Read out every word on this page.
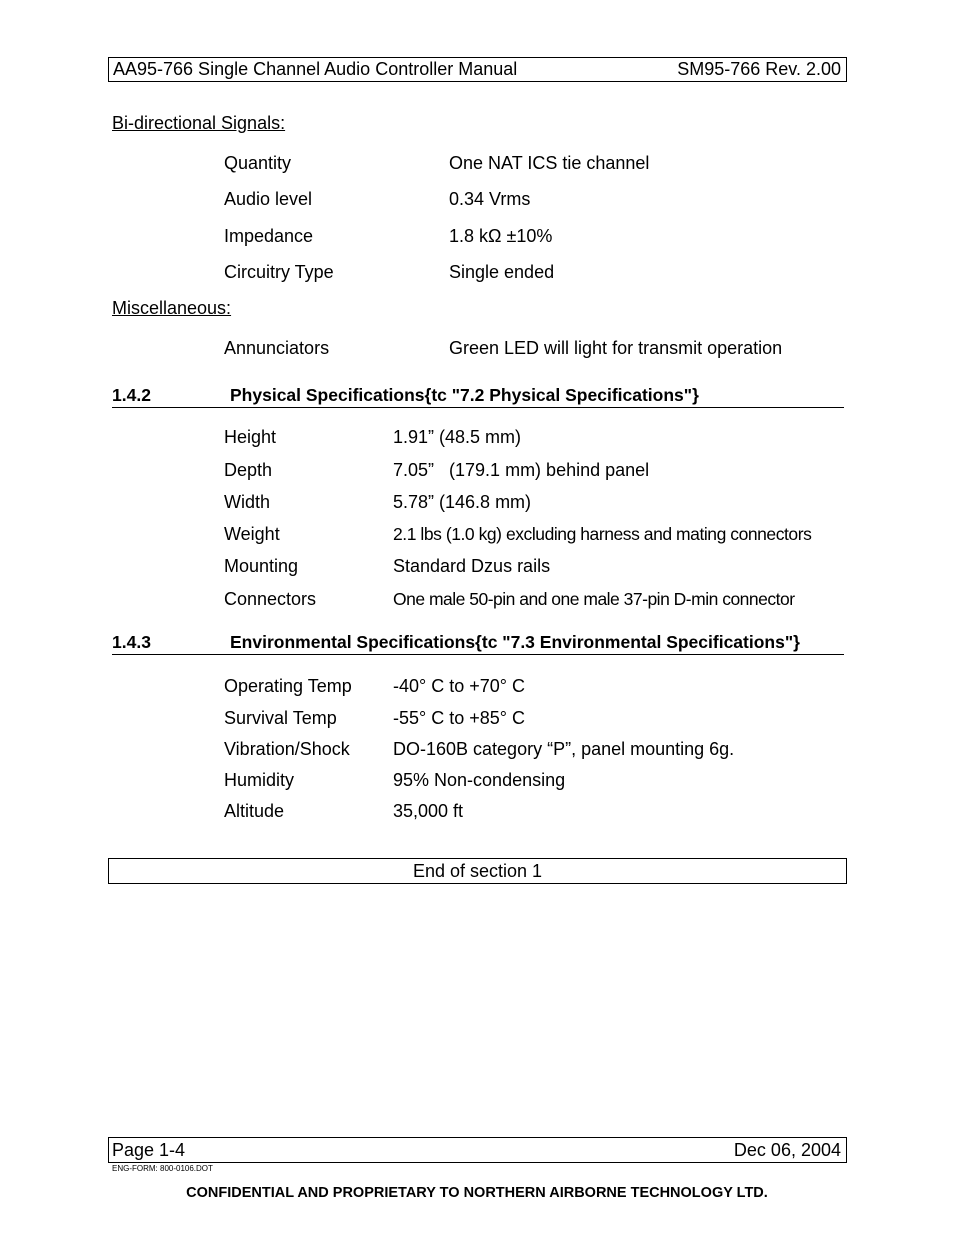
AA95-766 Single Channel Audio Controller Manual	SM95-766 Rev. 2.00
Bi-directional Signals:
Quantity	One NAT ICS tie channel
Audio level	0.34 Vrms
Impedance	1.8 kΩ ±10%
Circuitry Type	Single ended
Miscellaneous:
Annunciators	Green LED will light for transmit operation
1.4.2	Physical Specifications{tc "7.2 Physical Specifications"}
Height	1.91” (48.5 mm)
Depth	7.05”   (179.1 mm) behind panel
Width	5.78” (146.8 mm)
Weight	2.1 lbs (1.0 kg) excluding harness and mating connectors
Mounting	Standard Dzus rails
Connectors	One male 50-pin and one male 37-pin D-min connector
1.4.3	Environmental Specifications{tc "7.3 Environmental Specifications"}
Operating Temp -40° C to +70° C
Survival Temp	-55° C to +85° C
Vibration/Shock DO-160B category “P”, panel mounting 6g.
Humidity	95% Non-condensing
Altitude	35,000 ft
End of section 1
Page 1-4	Dec 06, 2004
ENG-FORM: 800-0106.DOT
CONFIDENTIAL AND PROPRIETARY TO NORTHERN AIRBORNE TECHNOLOGY LTD.
